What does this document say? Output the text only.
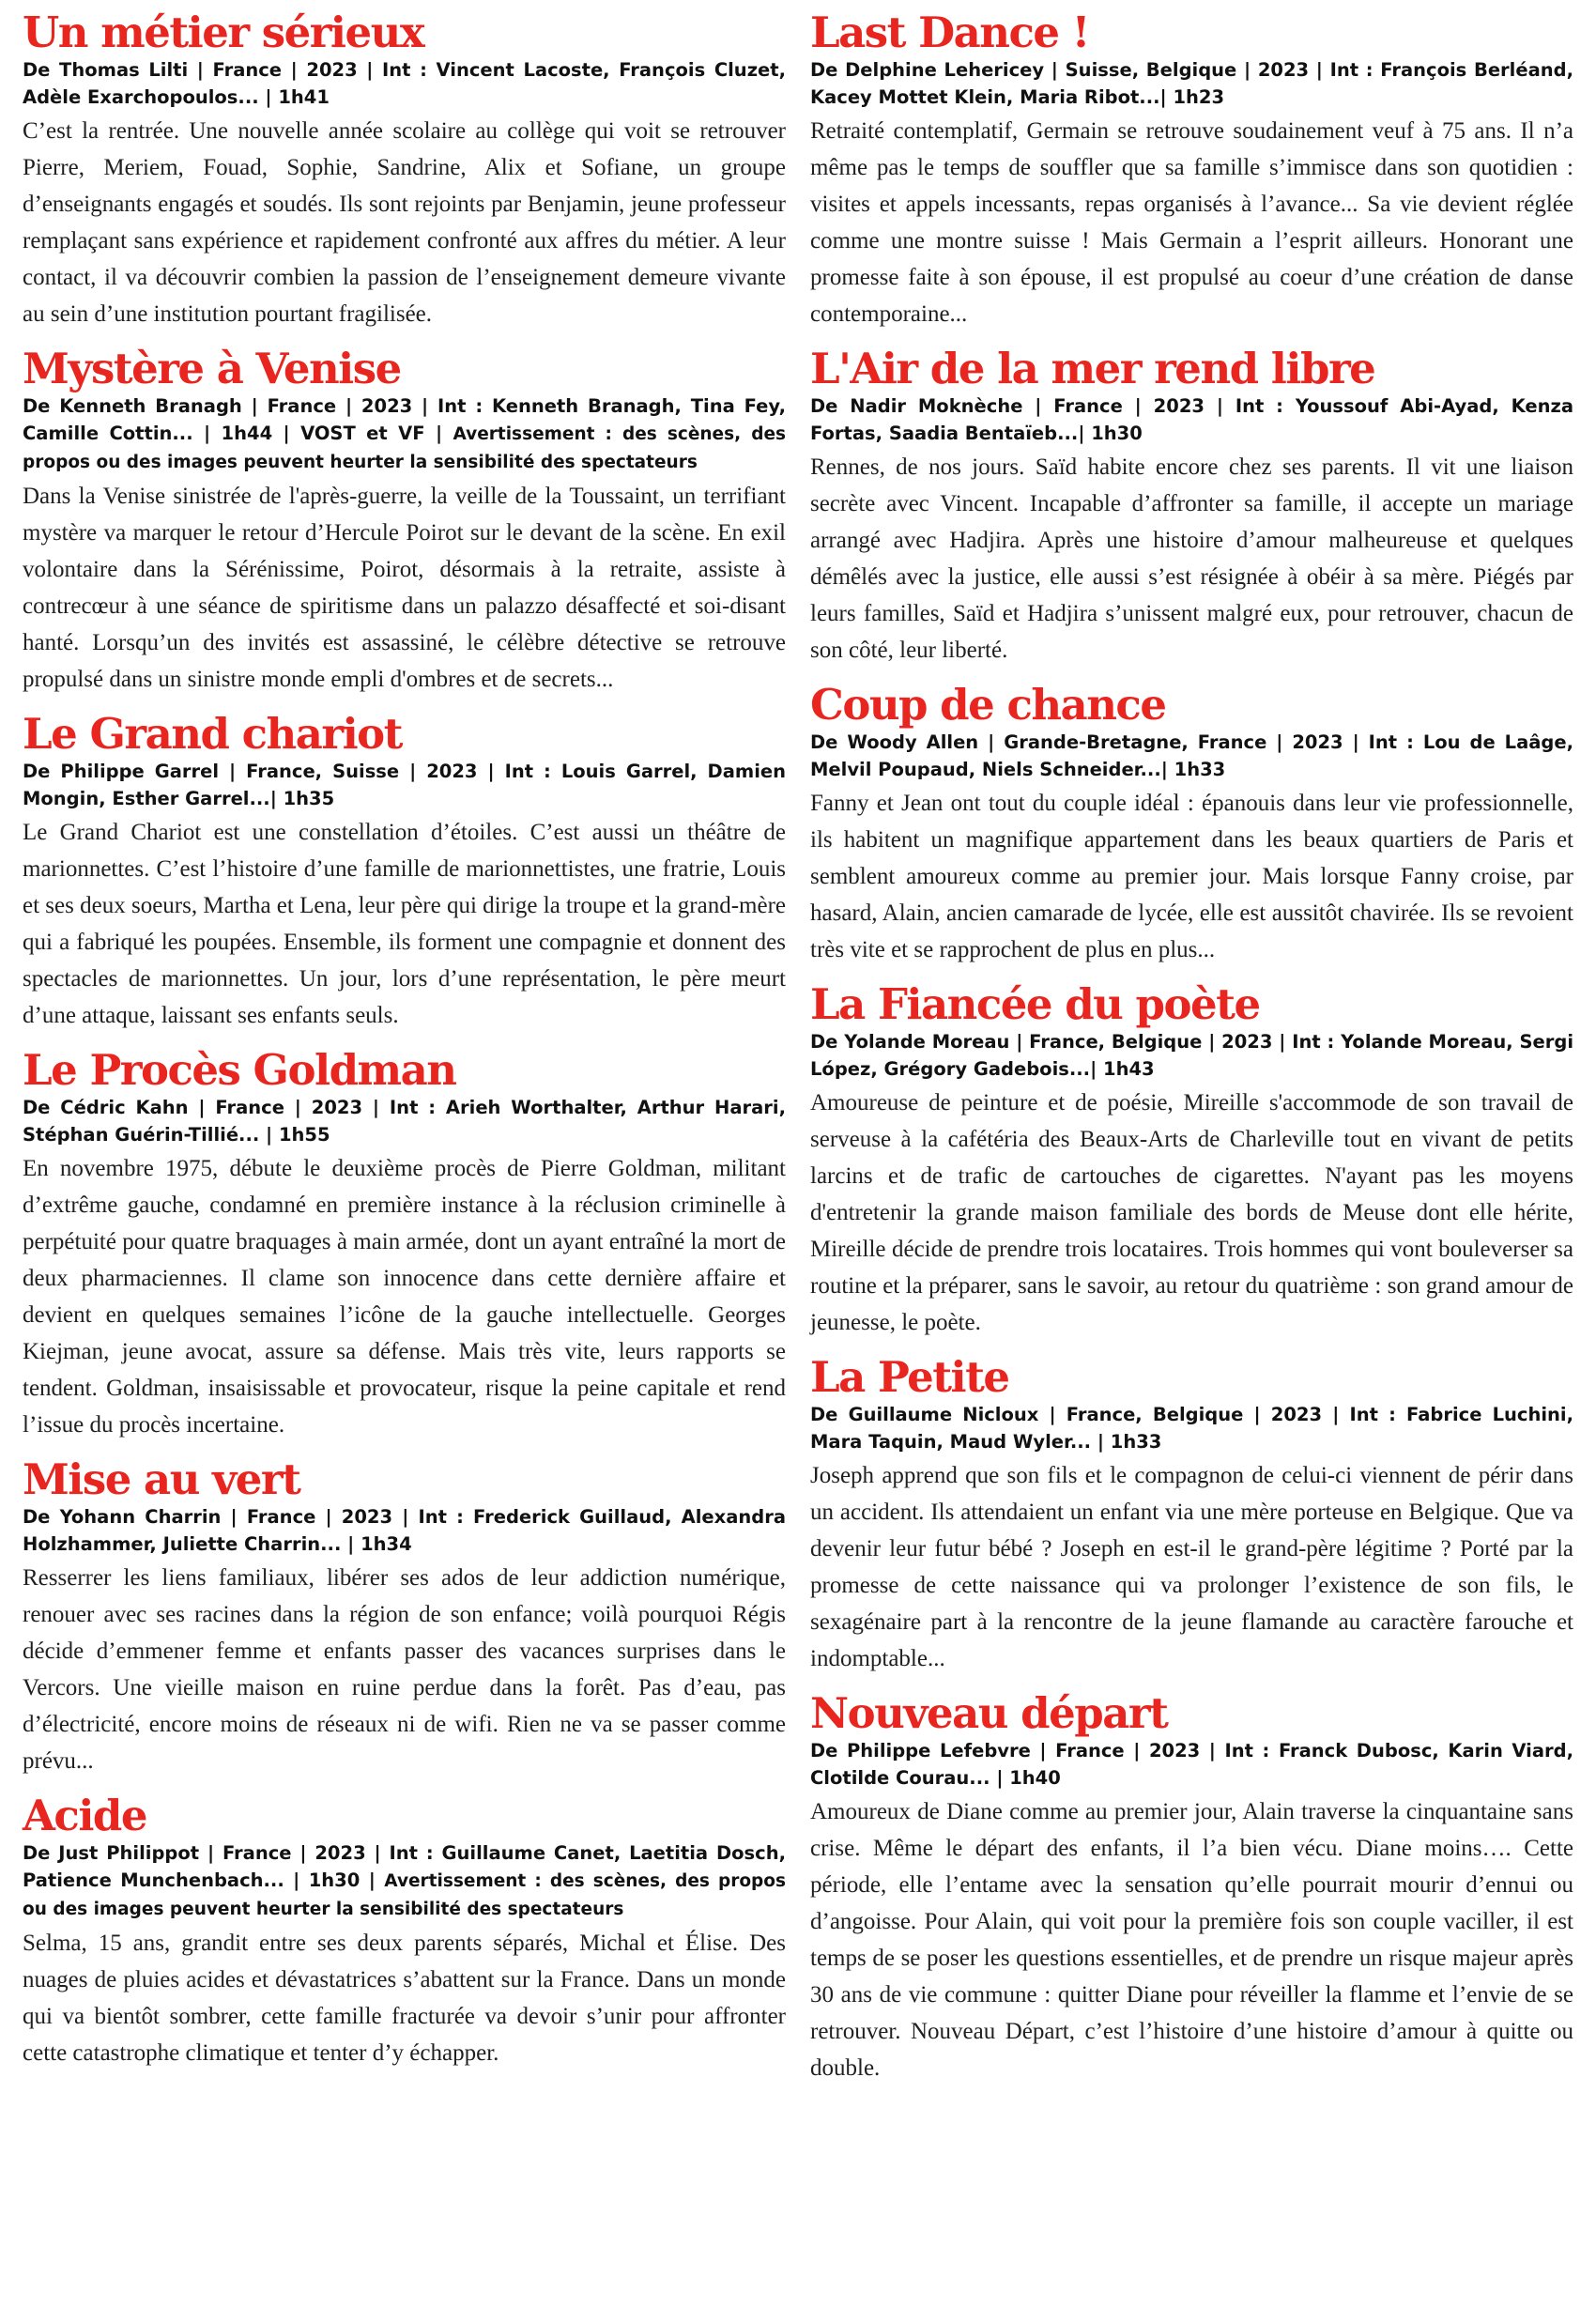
Un métier sérieux

De Thomas Lilti | France | 2023 | Int : Vincent Lacoste, François Cluzet, Adèle Exarchopoulos... | 1h41

C’est la rentrée. Une nouvelle année scolaire au collège qui voit se retrouver Pierre, Meriem, Fouad, Sophie, Sandrine, Alix et Sofiane, un groupe d’enseignants engagés et soudés. Ils sont rejoints par Benjamin, jeune professeur remplaçant sans expérience et rapidement confronté aux affres du métier. A leur contact, il va découvrir combien la passion de l’enseignement demeure vivante au sein d’une institution pourtant fragilisée.

Mystère à Venise

De Kenneth Branagh | France | 2023 | Int : Kenneth Branagh, Tina Fey, Camille Cottin... | 1h44 | VOST et VF | Avertissement : des scènes, des propos ou des images peuvent heurter la sensibilité des spectateurs

Dans la Venise sinistrée de l'après-guerre, la veille de la Toussaint, un terrifiant mystère va marquer le retour d’Hercule Poirot sur le devant de la scène. En exil volontaire dans la Sérénissime, Poirot, désormais à la retraite, assiste à contrecœur à une séance de spiritisme dans un palazzo désaffecté et soi-disant hanté. Lorsqu’un des invités est assassiné, le célèbre détective se retrouve propulsé dans un sinistre monde empli d'ombres et de secrets...

Le Grand chariot

De Philippe Garrel | France, Suisse | 2023 | Int : Louis Garrel, Damien Mongin, Esther Garrel...| 1h35

Le Grand Chariot est une constellation d’étoiles. C’est aussi un théâtre de marionnettes. C’est l’histoire d’une famille de marionnettistes, une fratrie, Louis et ses deux soeurs, Martha et Lena, leur père qui dirige la troupe et la grand-mère qui a fabriqué les poupées. Ensemble, ils forment une compagnie et donnent des spectacles de marionnettes. Un jour, lors d’une représentation, le père meurt d’une attaque, laissant ses enfants seuls.

Le Procès Goldman

De Cédric Kahn | France | 2023 | Int : Arieh Worthalter, Arthur Harari, Stéphan Guérin-Tillié... | 1h55

En novembre 1975, débute le deuxième procès de Pierre Goldman, militant d’extrême gauche, condamné en première instance à la réclusion criminelle à perpétuité pour quatre braquages à main armée, dont un ayant entraîné la mort de deux pharmaciennes. Il clame son innocence dans cette dernière affaire et devient en quelques semaines l’icône de la gauche intellectuelle. Georges Kiejman, jeune avocat, assure sa défense. Mais très vite, leurs rapports se tendent. Goldman, insaisissable et provocateur, risque la peine capitale et rend l’issue du procès incertaine.

Mise au vert

De Yohann Charrin | France | 2023 | Int : Frederick Guillaud, Alexandra Holzhammer, Juliette Charrin... | 1h34

Resserrer les liens familiaux, libérer ses ados de leur addiction numérique, renouer avec ses racines dans la région de son enfance; voilà pourquoi Régis décide d’emmener femme et enfants passer des vacances surprises dans le Vercors. Une vieille maison en ruine perdue dans la forêt. Pas d’eau, pas d’électricité, encore moins de réseaux ni de wifi. Rien ne va se passer comme prévu...

Acide

De Just Philippot | France | 2023 | Int : Guillaume Canet, Laetitia Dosch, Patience Munchenbach... | 1h30 | Avertissement : des scènes, des propos ou des images peuvent heurter la sensibilité des spectateurs

Selma, 15 ans, grandit entre ses deux parents séparés, Michal et Élise. Des nuages de pluies acides et dévastatrices s’abattent sur la France. Dans un monde qui va bientôt sombrer, cette famille fracturée va devoir s’unir pour affronter cette catastrophe climatique et tenter d’y échapper.

Last Dance !

De Delphine Lehericey | Suisse, Belgique | 2023 | Int : François Berléand, Kacey Mottet Klein, Maria Ribot...| 1h23

Retraité contemplatif, Germain se retrouve soudainement veuf à 75 ans. Il n’a même pas le temps de souffler que sa famille s’immisce dans son quotidien : visites et appels incessants, repas organisés à l’avance... Sa vie devient réglée comme une montre suisse ! Mais Germain a l’esprit ailleurs. Honorant une promesse faite à son épouse, il est propulsé au coeur d’une création de danse contemporaine...

L'Air de la mer rend libre

De Nadir Moknèche | France | 2023 | Int : Youssouf Abi-Ayad, Kenza Fortas, Saadia Bentaïeb...| 1h30

Rennes, de nos jours. Saïd habite encore chez ses parents. Il vit une liaison secrète avec Vincent. Incapable d’affronter sa famille, il accepte un mariage arrangé avec Hadjira. Après une histoire d’amour malheureuse et quelques démêlés avec la justice, elle aussi s’est résignée à obéir à sa mère. Piégés par leurs familles, Saïd et Hadjira s’unissent malgré eux, pour retrouver, chacun de son côté, leur liberté.

Coup de chance

De Woody Allen | Grande-Bretagne, France | 2023 | Int : Lou de Laâge, Melvil Poupaud, Niels Schneider...| 1h33

Fanny et Jean ont tout du couple idéal : épanouis dans leur vie professionnelle, ils habitent un magnifique appartement dans les beaux quartiers de Paris et semblent amoureux comme au premier jour. Mais lorsque Fanny croise, par hasard, Alain, ancien camarade de lycée, elle est aussitôt chavirée. Ils se revoient très vite et se rapprochent de plus en plus...

La Fiancée du poète

De Yolande Moreau | France, Belgique | 2023 | Int : Yolande Moreau, Sergi López, Grégory Gadebois...| 1h43

Amoureuse de peinture et de poésie, Mireille s'accommode de son travail de serveuse à la cafétéria des Beaux-Arts de Charleville tout en vivant de petits larcins et de trafic de cartouches de cigarettes. N'ayant pas les moyens d'entretenir la grande maison familiale des bords de Meuse dont elle hérite, Mireille décide de prendre trois locataires. Trois hommes qui vont bouleverser sa routine et la préparer, sans le savoir, au retour du quatrième : son grand amour de jeunesse, le poète.

La Petite

De Guillaume Nicloux | France, Belgique | 2023 | Int : Fabrice Luchini, Mara Taquin, Maud Wyler... | 1h33

Joseph apprend que son fils et le compagnon de celui-ci viennent de périr dans un accident. Ils attendaient un enfant via une mère porteuse en Belgique. Que va devenir leur futur bébé ? Joseph en est-il le grand-père légitime ? Porté par la promesse de cette naissance qui va prolonger l’existence de son fils, le sexagénaire part à la rencontre de la jeune flamande au caractère farouche et indomptable...

Nouveau départ

De Philippe Lefebvre | France | 2023 | Int : Franck Dubosc, Karin Viard, Clotilde Courau... | 1h40

Amoureux de Diane comme au premier jour, Alain traverse la cinquantaine sans crise. Même le départ des enfants, il l’a bien vécu. Diane moins…. Cette période, elle l’entame avec la sensation qu’elle pourrait mourir d’ennui ou d’angoisse. Pour Alain, qui voit pour la première fois son couple vaciller, il est temps de se poser les questions essentielles, et de prendre un risque majeur après 30 ans de vie commune : quitter Diane pour réveiller la flamme et l’envie de se retrouver. Nouveau Départ, c’est l’histoire d’une histoire d’amour à quitte ou double.
